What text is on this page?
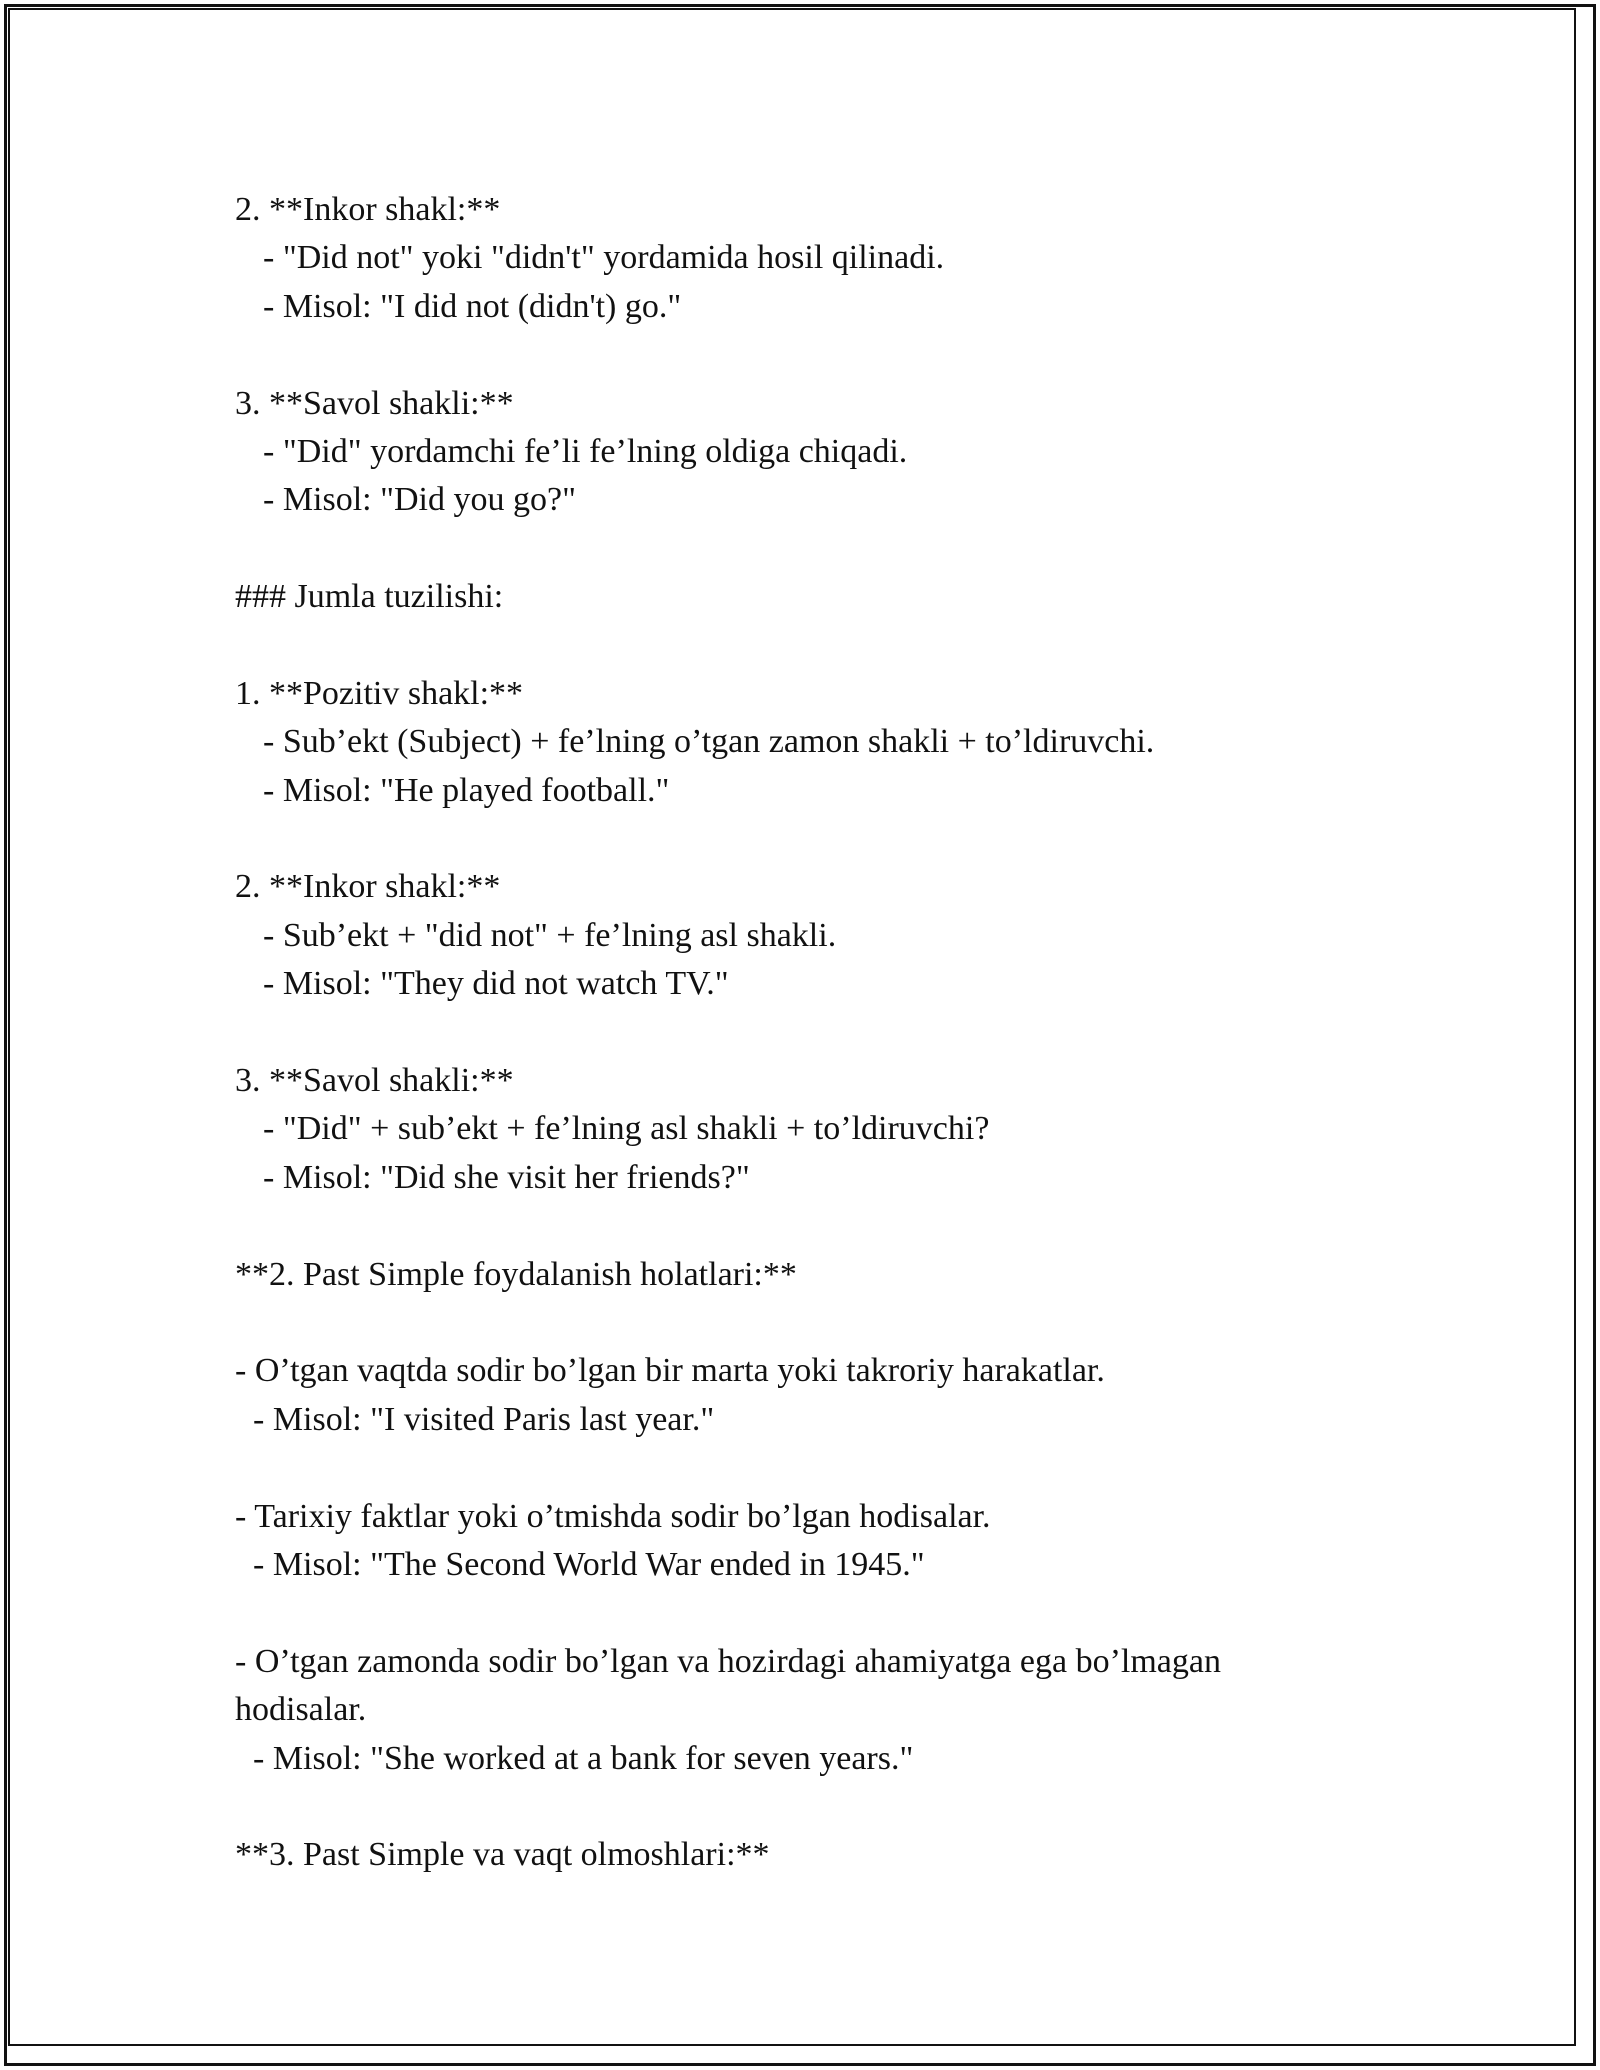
2. **Inkor shakl:**
- "Did not" yoki "didn't" yordamida hosil qilinadi.
- Misol: "I did not (didn't) go."
3. **Savol shakli:**
- "Did" yordamchi fe’li fe’lning oldiga chiqadi.
- Misol: "Did you go?"
### Jumla tuzilishi:
1. **Pozitiv shakl:**
- Sub’ekt (Subject) + fe’lning o’tgan zamon shakli + to’ldiruvchi.
- Misol: "He played football."
2. **Inkor shakl:**
- Sub’ekt + "did not" + fe’lning asl shakli.
- Misol: "They did not watch TV."
3. **Savol shakli:**
- "Did" + sub’ekt + fe’lning asl shakli + to’ldiruvchi?
- Misol: "Did she visit her friends?"
**2. Past Simple foydalanish holatlari:**
- O’tgan vaqtda sodir bo’lgan bir marta yoki takroriy harakatlar.
- Misol: "I visited Paris last year."
- Tarixiy faktlar yoki o’tmishda sodir bo’lgan hodisalar.
- Misol: "The Second World War ended in 1945."
- O’tgan zamonda sodir bo’lgan va hozirdagi ahamiyatga ega bo’lmagan
hodisalar.
- Misol: "She worked at a bank for seven years."
**3. Past Simple va vaqt olmoshlari:**
